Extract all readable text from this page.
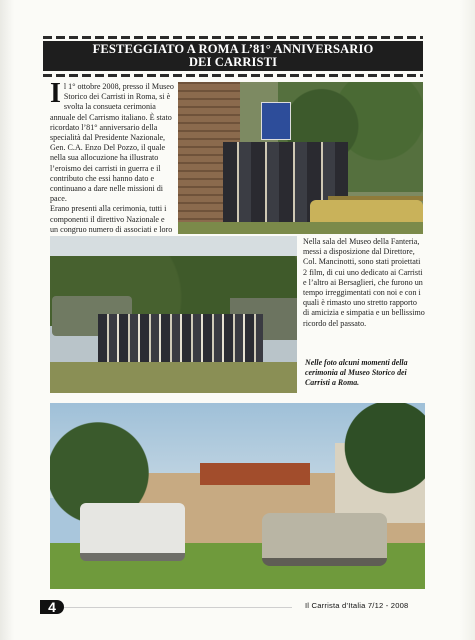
FESTEGGIATO A ROMA L’81° ANNIVERSARIO
DEI CARRISTI

Il 1° ottobre 2008, presso il Museo Storico dei Carristi in Roma, si è svolta la consueta cerimonia annuale del Carrismo italiano. È stato ricordato l’81° anniversario della specialità dal Presidente Nazionale, Gen. C.A. Enzo Del Pozzo, il quale nella sua allocuzione ha illustrato l’eroismo dei carristi in guerra e il contributo che essi hanno dato e continuano a dare nelle missioni di pace.

Erano presenti alla cerimonia, tutti i componenti il direttivo Nazionale e un congruo numero di associati e loro

Nella sala del Museo della Fanteria, messi a disposizione dal Direttore, Col. Mancinotti, sono stati proiettati 2 film, di cui uno dedicato ai Carristi e l’altro ai Bersaglieri, che furono un tempo irreggimentati con noi e con i quali è rimasto uno stretto rapporto di amicizia e simpatia e un bellissimo ricordo del passato.

Nelle foto alcuni momenti della cerimonia al Museo Storico dei Carristi a Roma.
4	Il Carrista d’Italia 7/12 - 2008
